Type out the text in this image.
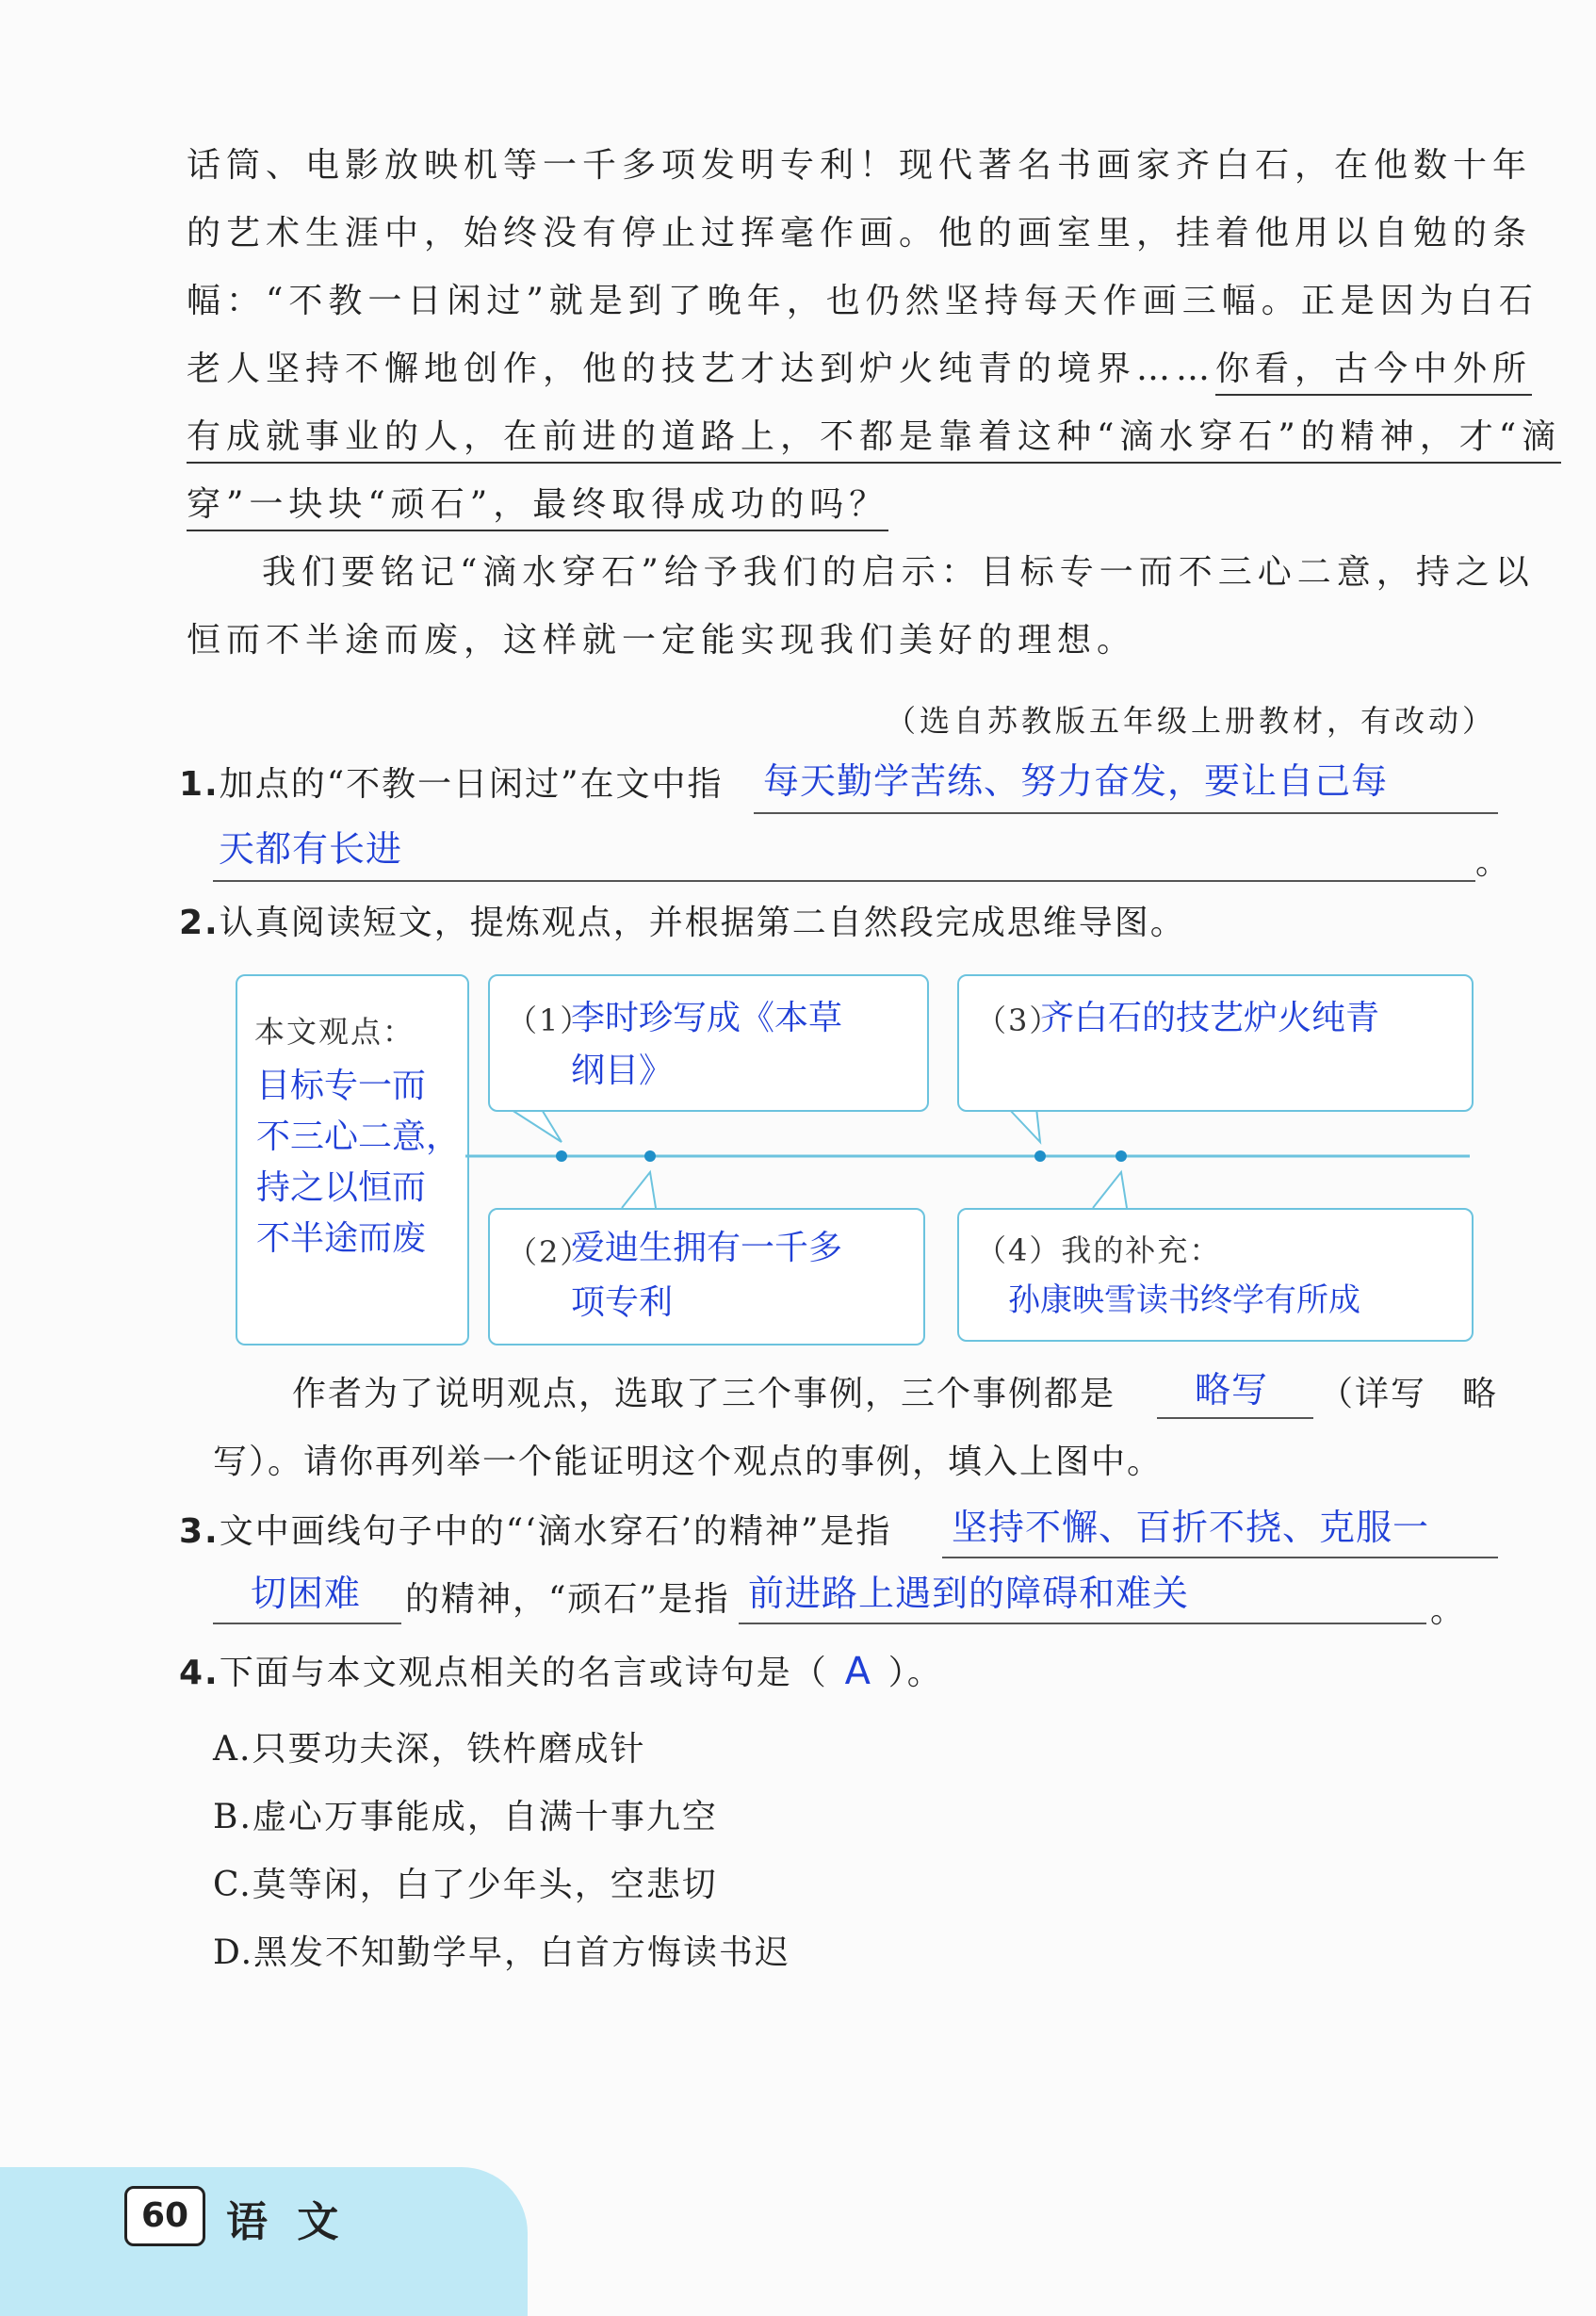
话筒、电影放映机等一千多项发明专利！现代著名书画家齐白石，在他数十年
的艺术生涯中，始终没有停止过挥毫作画。他的画室里，挂着他用以自勉的条
幅：“不教一日闲过”就是到了晚年，也仍然坚持每天作画三幅。正是因为白石
老人坚持不懈地创作，他的技艺才达到炉火纯青的境界……你看，古今中外所
有成就事业的人，在前进的道路上，不都是靠着这种“滴水穿石”的精神，才“滴
穿”一块块“顽石”，最终取得成功的吗？
我们要铭记“滴水穿石”给予我们的启示：目标专一而不三心二意，持之以
恒而不半途而废，这样就一定能实现我们美好的理想。
（选自苏教版五年级上册教材，有改动）
1.加点的“不教一日闲过”在文中指 每天勤学苦练、努力奋发，要让自己每
天都有长进	。
2.认真阅读短文，提炼观点，并根据第二自然段完成思维导图。
本文观点：
目标专一而
不三心二意，
持之以恒而
不半途而废
（1）
李时珍写成《本草
纲目》
（3）
齐白石的技艺炉火纯青
（2）
爱迪生拥有一千多
项专利
（4）我的补充：
孙康映雪读书终学有所成
作者为了说明观点，选取了三个事例，三个事例都是 略写 （详写　略
写）。请你再列举一个能证明这个观点的事例，填入上图中。
3.文中画线句子中的“‘滴水穿石’的精神”是指 坚持不懈、百折不挠、克服一
切困难 的精神，“顽石”是指 前进路上遇到的障碍和难关	。
4.下面与本文观点相关的名言或诗句是（ A ）。
A.只要功夫深，铁杵磨成针
B.虚心万事能成，自满十事九空
C.莫等闲，白了少年头，空悲切
D.黑发不知勤学早，白首方悔读书迟
60 语 文
